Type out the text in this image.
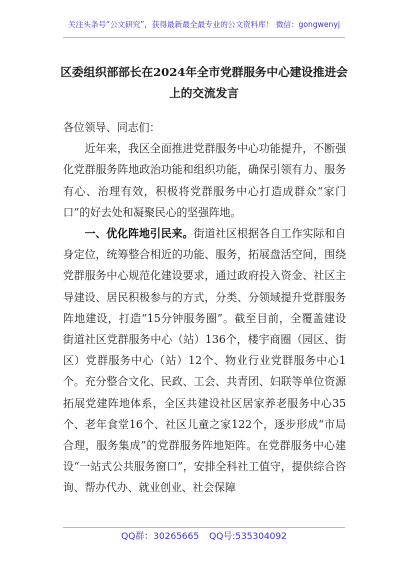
关注头条号“公文研究”，获得最新最全最专业的公文资料库！ 微信：gongwenyj
区委组织部部长在2024年全市党群服务中心建设推进会上的交流发言

各位领导、同志们：

近年来，我区全面推进党群服务中心功能提升，不断强化党群服务阵地政治功能和组织功能，确保引领有力、服务有心、治理有效，积极将党群服务中心打造成群众“家门口”的好去处和凝聚民心的坚强阵地。

一、优化阵地引民来。街道社区根据各自工作实际和自身定位，统筹整合相近的功能、服务，拓展盘活空间，围绕党群服务中心规范化建设要求，通过政府投入资金、社区主导建设、居民积极参与的方式，分类、分领域提升党群服务阵地建设，打造“15分钟服务圈”。截至目前，全覆盖建设街道社区党群服务中心（站）136个，楼宇商圈（园区、街区）党群服务中心（站）12个、物业行业党群服务中心1个。充分整合文化、民政、工会、共青团、妇联等单位资源拓展党建阵地体系，全区共建设社区居家养老服务中心35个、老年食堂16个、社区儿童之家122个，逐步形成“市局合理，服务集成”的党群服务阵地矩阵。在党群服务中心建设“一站式公共服务窗口”，安排全科社工值守，提供综合咨询、帮办代办、就业创业、社会保障

QQ群：30265665 QQ号:535304092
